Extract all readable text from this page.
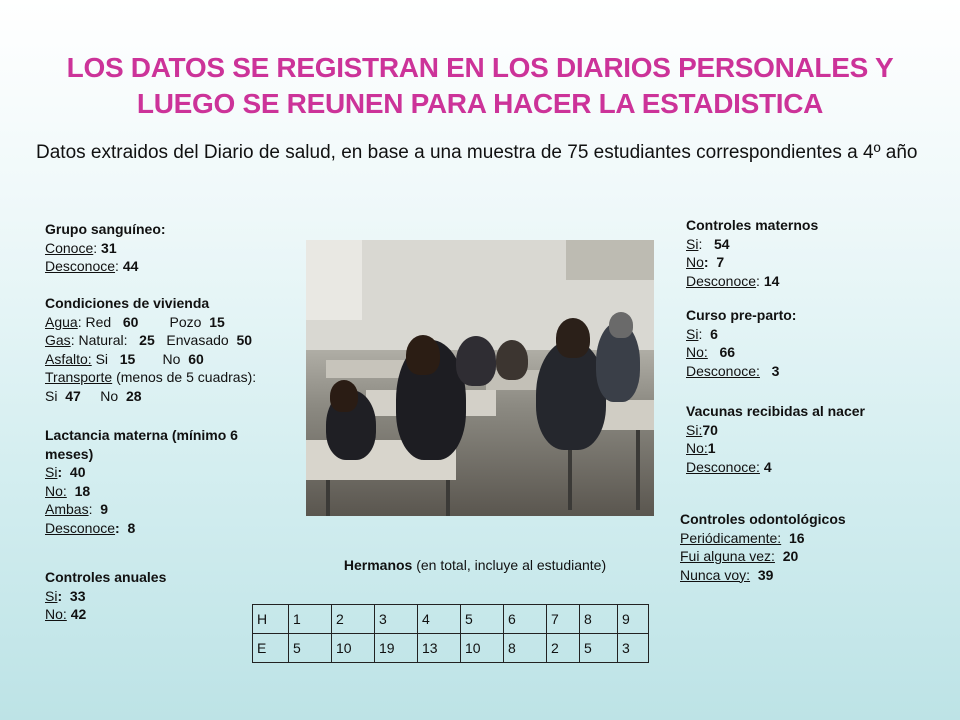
LOS DATOS SE REGISTRAN EN LOS DIARIOS PERSONALES Y
LUEGO SE REUNEN PARA HACER LA ESTADISTICA
Datos extraidos del Diario de salud, en base a una muestra de 75 estudiantes correspondientes a 4º año
Grupo sanguíneo:
Conoce: 31
Desconoce: 44
Condiciones de vivienda
Agua: Red 60 Pozo 15
Gas: Natural: 25 Envasado 50
Asfalto: Si 15 No 60
Transporte (menos de 5 cuadras):
Si 47 No 28
Lactancia materna (mínimo 6 meses)
Si: 40
No: 18
Ambas:  9
Desconoce: 8
Controles anuales
Si: 33
No: 42
Controles maternos
Si:   54
No: 7
Desconoce: 14
Curso pre-parto:
Si:  6
No: 66
Desconoce: 3
Vacunas recibidas al nacer
Si:70
No:1
Desconoce: 4
Controles odontológicos
Periódicamente: 16
Fui alguna vez: 20
Nunca voy: 39
Hermanos (en total, incluye al estudiante)
H	1	2	3	4	5	6	7	8	9
E	5	10	19	13	10	8	2	5	3
